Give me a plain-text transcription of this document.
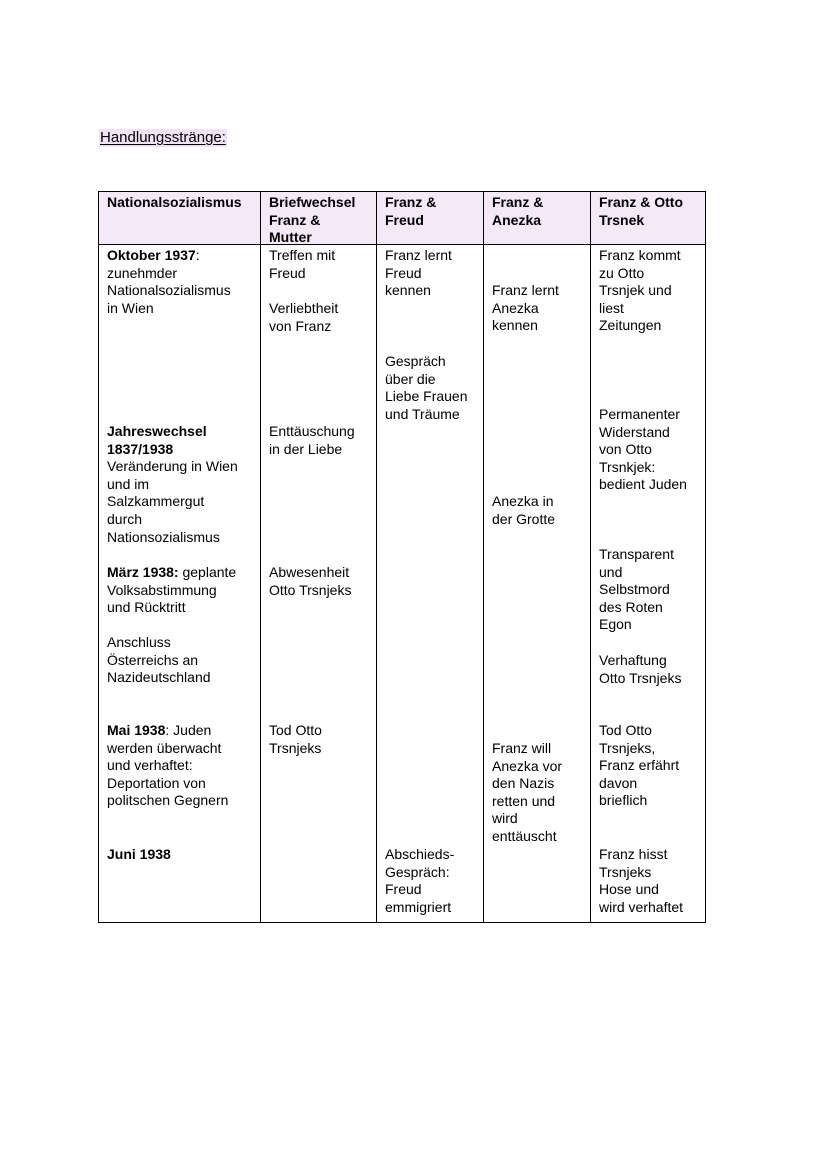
Handlungsstränge:
Nationalsozialismus
Oktober 1937:
zunehmder
Nationalsozialismus
in Wien
Jahreswechsel
1837/1938
Veränderung in Wien
und im
Salzkammergut
durch
Nationsozialismus
März 1938: geplante
Volksabstimmung
und Rücktritt
Anschluss
Österreichs an
Nazideutschland
Mai 1938: Juden
werden überwacht
und verhaftet:
Deportation von
politschen Gegnern
Juni 1938
Briefwechsel
Franz &
Mutter
Treffen mit
Freud
Verliebtheit
von Franz
Enttäuschung
in der Liebe
Abwesenheit
Otto Trsnjeks
Tod Otto
Trsnjeks
Franz &
Freud
Franz lernt
Freud
kennen
Gespräch
über die
Liebe Frauen
und Träume
Abschieds-
Gespräch:
Freud
emmigriert
Franz &
Anezka
Franz lernt
Anezka
kennen
Anezka in
der Grotte
Franz will
Anezka vor
den Nazis
retten und
wird
enttäuscht
Franz & Otto
Trsnek
Franz kommt
zu Otto
Trsnjek und
liest
Zeitungen
Permanenter
Widerstand
von Otto
Trsnkjek:
bedient Juden
Transparent
und
Selbstmord
des Roten
Egon
Verhaftung
Otto Trsnjeks
Tod Otto
Trsnjeks,
Franz erfährt
davon
brieflich
Franz hisst
Trsnjeks
Hose und
wird verhaftet
